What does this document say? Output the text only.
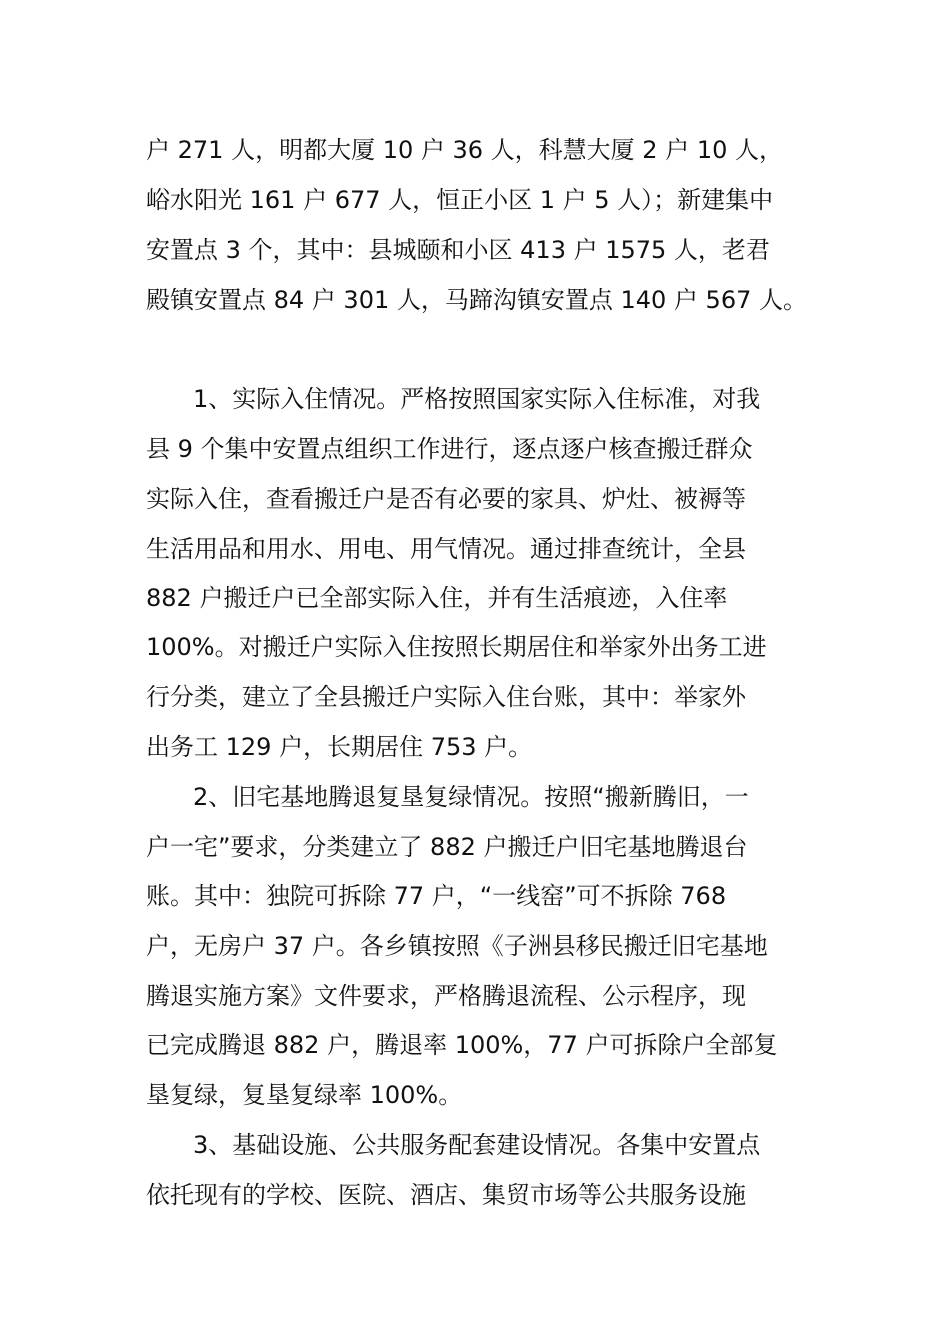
户 271 人，明都大厦 10 户 36 人，科慧大厦 2 户 10 人，
峪水阳光 161 户 677 人，恒正小区 1 户 5 人）；新建集中
安置点 3 个，其中：县城颐和小区 413 户 1575 人，老君
殿镇安置点 84 户 301 人，马蹄沟镇安置点 140 户 567 人。
1、实际入住情况。严格按照国家实际入住标准，对我
县 9 个集中安置点组织工作进行，逐点逐户核查搬迁群众
实际入住，查看搬迁户是否有必要的家具、炉灶、被褥等
生活用品和用水、用电、用气情况。通过排查统计，全县
882 户搬迁户已全部实际入住，并有生活痕迹，入住率
100%。对搬迁户实际入住按照长期居住和举家外出务工进
行分类，建立了全县搬迁户实际入住台账，其中：举家外
出务工 129 户，长期居住 753 户。
2、旧宅基地腾退复垦复绿情况。按照“搬新腾旧，一
户一宅”要求，分类建立了 882 户搬迁户旧宅基地腾退台
账。其中：独院可拆除 77 户，“一线窑”可不拆除 768
户，无房户 37 户。各乡镇按照《子洲县移民搬迁旧宅基地
腾退实施方案》文件要求，严格腾退流程、公示程序，现
已完成腾退 882 户，腾退率 100%，77 户可拆除户全部复
垦复绿，复垦复绿率 100%。
3、基础设施、公共服务配套建设情况。各集中安置点
依托现有的学校、医院、酒店、集贸市场等公共服务设施
